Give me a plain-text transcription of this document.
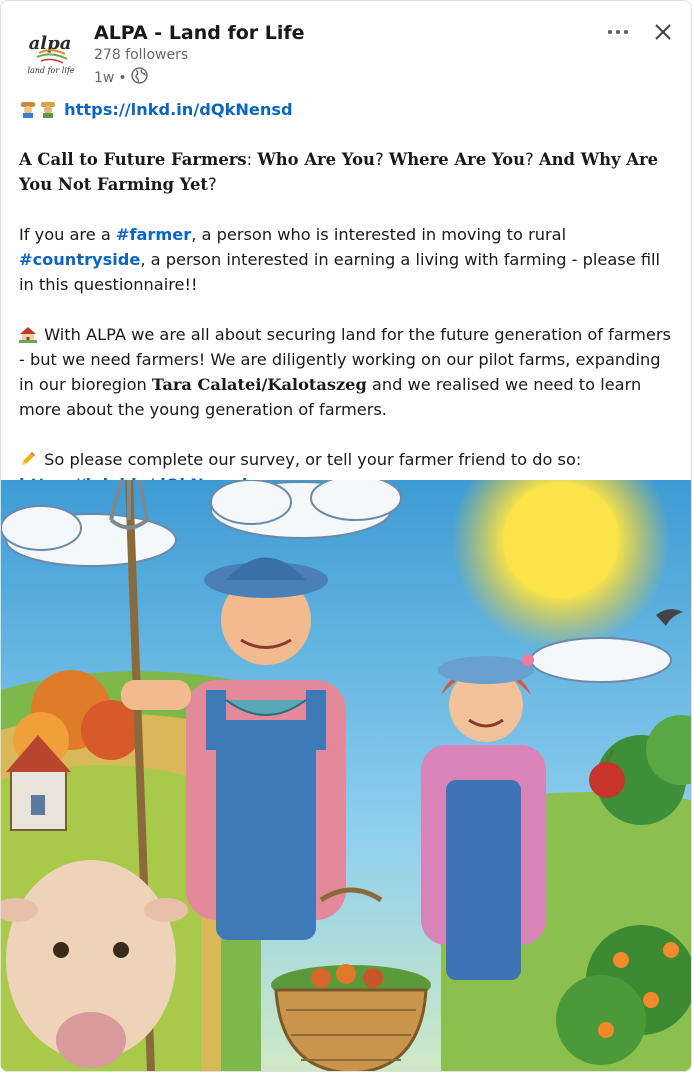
alpa
land for life
ALPA - Land for Life
278 followers
1w •

https://lnkd.in/dQkNensd

A Call to Future Farmers: Who Are You? Where Are You? And Why Are You Not Farming Yet?

If you are a #farmer, a person who is interested in moving to rural #countryside, a person interested in earning a living with farming - please fill in this questionnaire!!

With ALPA we are all about securing land for the future generation of farmers - but we need farmers! We are diligently working on our pilot farms, expanding in our bioregion Tara Calatei/Kalotaszeg and we realised we need to learn more about the young generation of farmers.

So please complete our survey, or tell your farmer friend to do so:
